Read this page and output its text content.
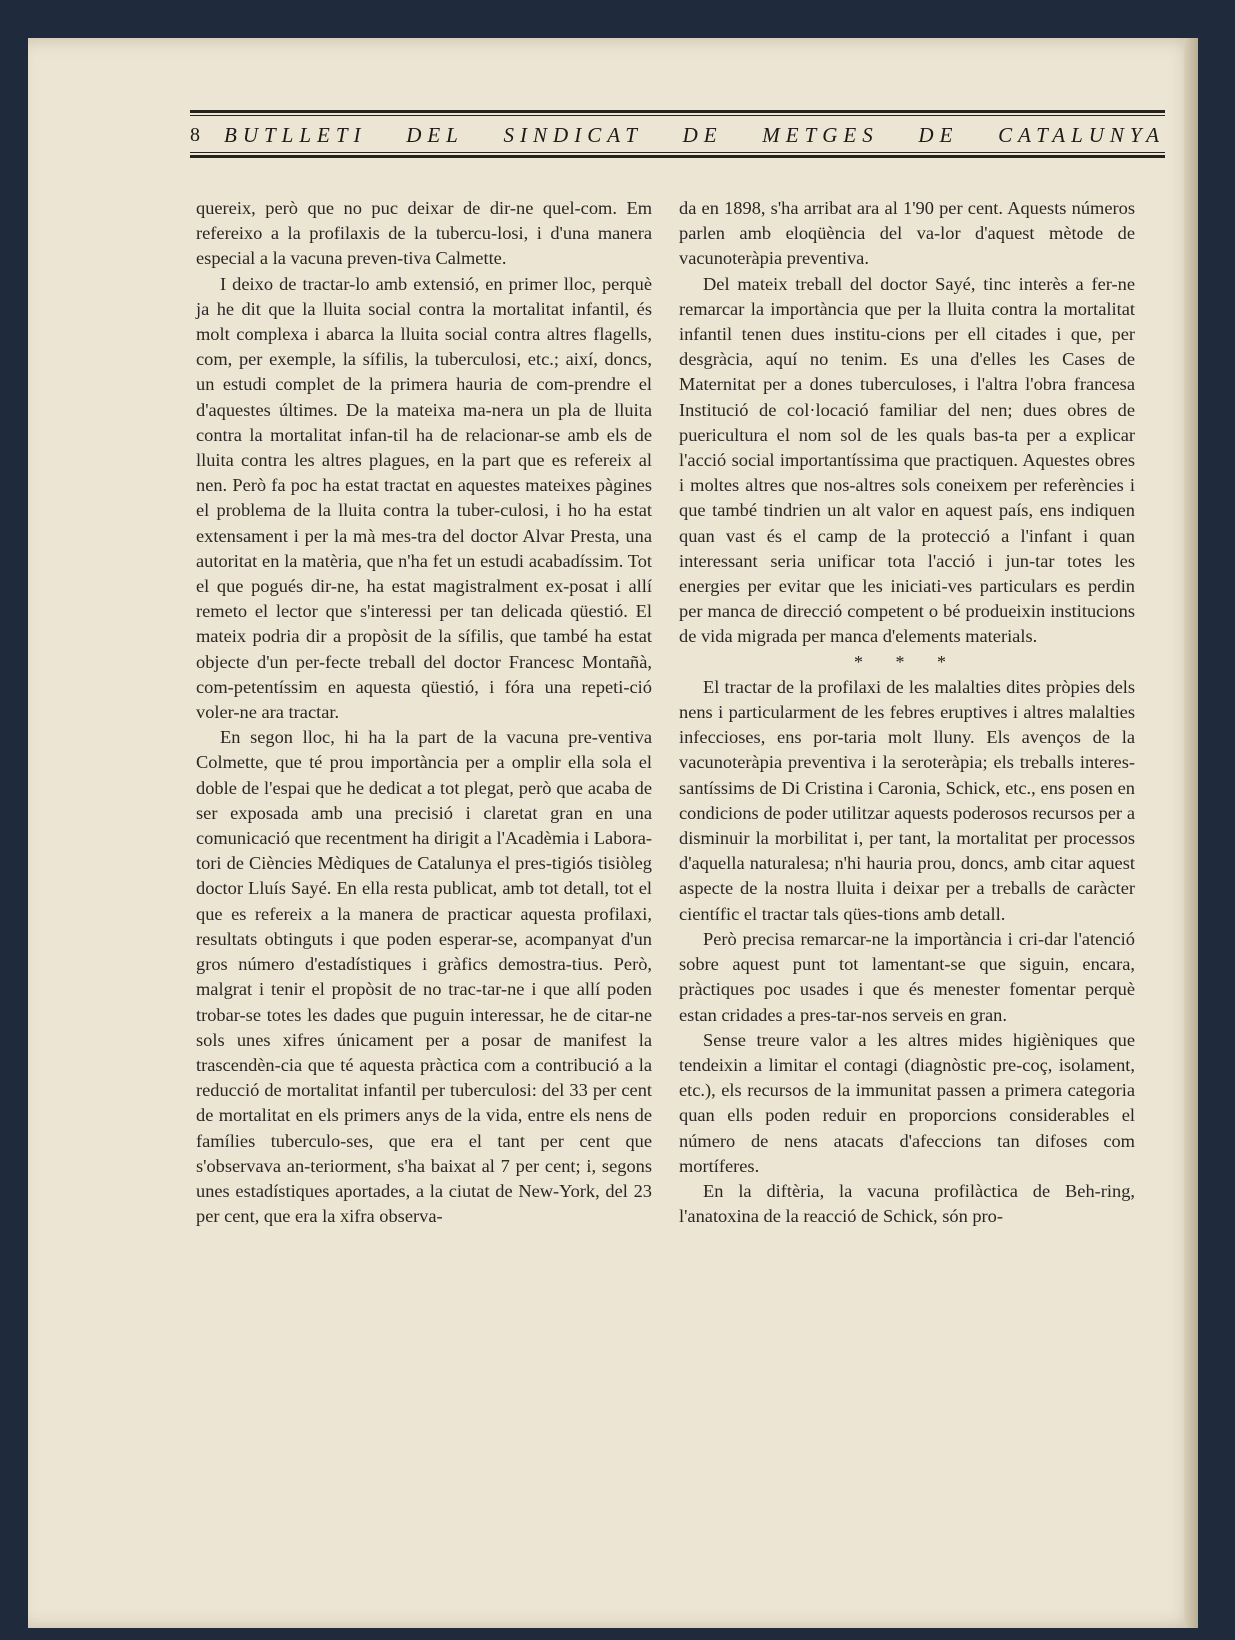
8 BUTLLETI DEL SINDICAT DE METGES DE CATALUNYA

quereix, però que no puc deixar de dir-ne quel-com. Em refereixo a la profilaxis de la tubercu-losi, i d'una manera especial a la vacuna preven-tiva Calmette.

I deixo de tractar-lo amb extensió, en primer lloc, perquè ja he dit que la lluita social contra la mortalitat infantil, és molt complexa i abarca la lluita social contra altres flagells, com, per exemple, la sífilis, la tuberculosi, etc.; així, doncs, un estudi complet de la primera hauria de com-prendre el d'aquestes últimes. De la mateixa ma-nera un pla de lluita contra la mortalitat infan-til ha de relacionar-se amb els de lluita contra les altres plagues, en la part que es refereix al nen. Però fa poc ha estat tractat en aquestes mateixes pàgines el problema de la lluita contra la tuber-culosi, i ho ha estat extensament i per la mà mes-tra del doctor Alvar Presta, una autoritat en la matèria, que n'ha fet un estudi acabadíssim. Tot el que pogués dir-ne, ha estat magistralment ex-posat i allí remeto el lector que s'interessi per tan delicada qüestió. El mateix podria dir a propòsit de la sífilis, que també ha estat objecte d'un per-fecte treball del doctor Francesc Montañà, com-petentíssim en aquesta qüestió, i fóra una repeti-ció voler-ne ara tractar.

En segon lloc, hi ha la part de la vacuna pre-ventiva Colmette, que té prou importància per a omplir ella sola el doble de l'espai que he dedicat a tot plegat, però que acaba de ser exposada amb una precisió i claretat gran en una comunicació que recentment ha dirigit a l'Acadèmia i Labora-tori de Ciències Mèdiques de Catalunya el pres-tigiós tisiòleg doctor Lluís Sayé. En ella resta publicat, amb tot detall, tot el que es refereix a la manera de practicar aquesta profilaxi, resultats obtinguts i que poden esperar-se, acompanyat d'un gros número d'estadístiques i gràfics demostra-tius. Però, malgrat i tenir el propòsit de no trac-tar-ne i que allí poden trobar-se totes les dades que puguin interessar, he de citar-ne sols unes xifres únicament per a posar de manifest la trascendèn-cia que té aquesta pràctica com a contribució a la reducció de mortalitat infantil per tuberculosi: del 33 per cent de mortalitat en els primers anys de la vida, entre els nens de famílies tuberculo-ses, que era el tant per cent que s'observava an-teriorment, s'ha baixat al 7 per cent; i, segons unes estadístiques aportades, a la ciutat de New-York, del 23 per cent, que era la xifra observa-

da en 1898, s'ha arribat ara al 1'90 per cent. Aquests números parlen amb eloqüència del va-lor d'aquest mètode de vacunoteràpia preventiva.

Del mateix treball del doctor Sayé, tinc interès a fer-ne remarcar la importància que per la lluita contra la mortalitat infantil tenen dues institu-cions per ell citades i que, per desgràcia, aquí no tenim. Es una d'elles les Cases de Maternitat per a dones tuberculoses, i l'altra l'obra francesa Institució de col·locació familiar del nen; dues obres de puericultura el nom sol de les quals bas-ta per a explicar l'acció social importantíssima que practiquen. Aquestes obres i moltes altres que nos-altres sols coneixem per referències i que també tindrien un alt valor en aquest país, ens indiquen quan vast és el camp de la protecció a l'infant i quan interessant seria unificar tota l'acció i jun-tar totes les energies per evitar que les iniciati-ves particulars es perdin per manca de direcció competent o bé produeixin institucions de vida migrada per manca d'elements materials.

* * *

El tractar de la profilaxi de les malalties dites pròpies dels nens i particularment de les febres eruptives i altres malalties infeccioses, ens por-taria molt lluny. Els avenços de la vacunoteràpia preventiva i la seroteràpia; els treballs interes-santíssims de Di Cristina i Caronia, Schick, etc., ens posen en condicions de poder utilitzar aquests poderosos recursos per a disminuir la morbilitat i, per tant, la mortalitat per processos d'aquella naturalesa; n'hi hauria prou, doncs, amb citar aquest aspecte de la nostra lluita i deixar per a treballs de caràcter científic el tractar tals qües-tions amb detall.

Però precisa remarcar-ne la importància i cri-dar l'atenció sobre aquest punt tot lamentant-se que siguin, encara, pràctiques poc usades i que és menester fomentar perquè estan cridades a pres-tar-nos serveis en gran.

Sense treure valor a les altres mides higièniques que tendeixin a limitar el contagi (diagnòstic pre-coç, isolament, etc.), els recursos de la immunitat passen a primera categoria quan ells poden reduir en proporcions considerables el número de nens atacats d'afeccions tan difoses com mortíferes.

En la diftèria, la vacuna profilàctica de Beh-ring, l'anatoxina de la reacció de Schick, són pro-
